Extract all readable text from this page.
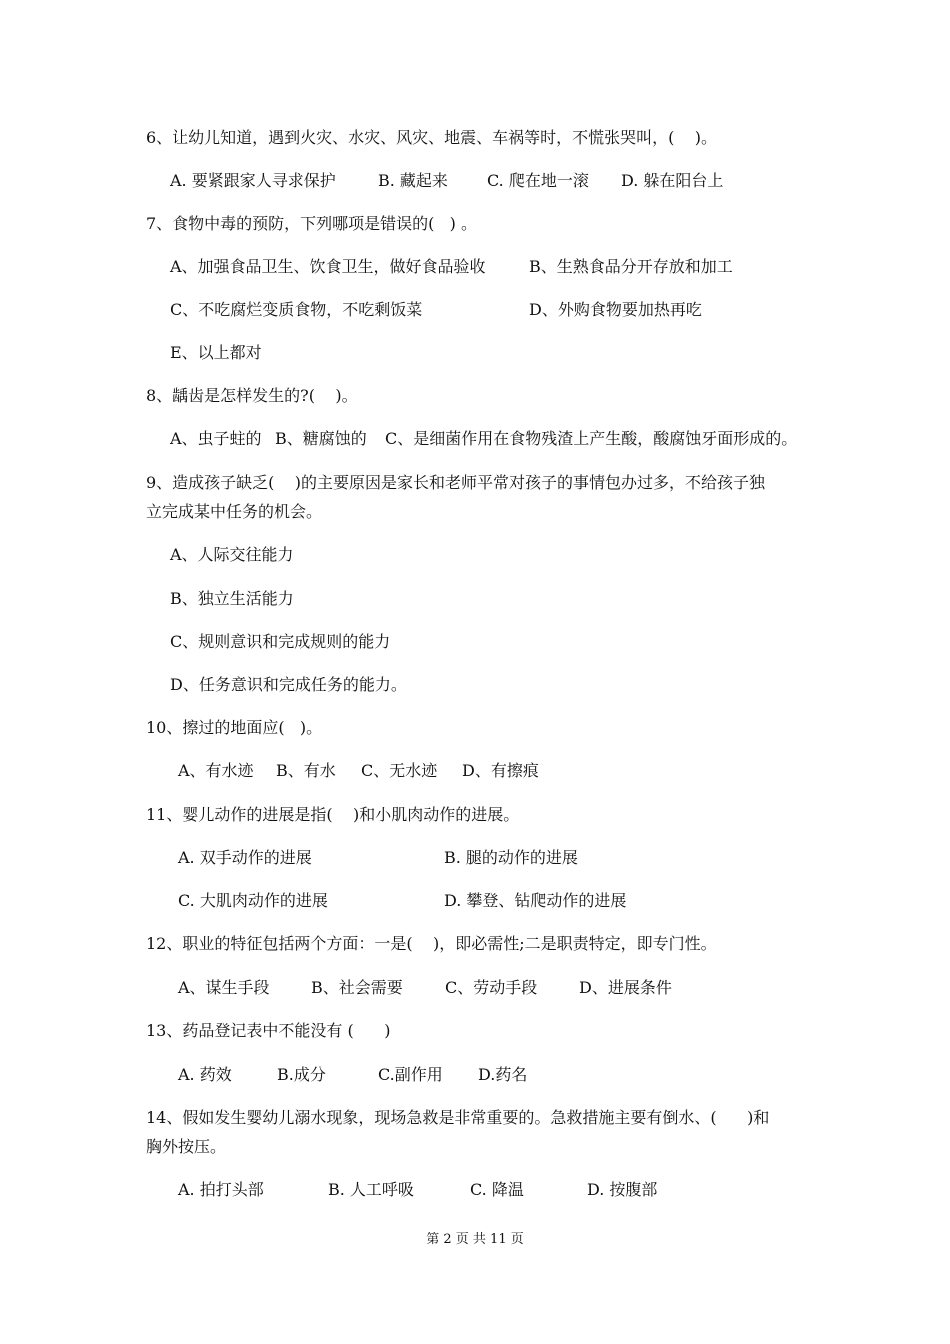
6、让幼儿知道，遇到火灾、水灾、风灾、地震、车祸等时，不慌张哭叫，(    )。

A. 要紧跟家人寻求保护	B. 藏起来 C. 爬在地一滚 D. 躲在阳台上

7、食物中毒的预防，下列哪项是错误的(   ) 。

A、加强食品卫生、饮食卫生，做好食品验收	B、生熟食品分开存放和加工

C、不吃腐烂变质食物，不吃剩饭菜	D、外购食物要加热再吃

E、以上都对

8、龋齿是怎样发生的?(    )。

A、虫子蛀的 B、糖腐蚀的 C、是细菌作用在食物残渣上产生酸，酸腐蚀牙面形成的。

9、造成孩子缺乏(    )的主要原因是家长和老师平常对孩子的事情包办过多，不给孩子独

立完成某中任务的机会。

A、人际交往能力

B、独立生活能力

C、规则意识和完成规则的能力

D、任务意识和完成任务的能力。

10、擦过的地面应(   )。

A、有水迹 B、有水 C、无水迹 D、有擦痕

11、婴儿动作的进展是指(    )和小肌肉动作的进展。

A. 双手动作的进展	B. 腿的动作的进展

C. 大肌肉动作的进展	D. 攀登、钻爬动作的进展

12、职业的特征包括两个方面：一是(    )，即必需性;二是职责特定，即专门性。

A、谋生手段	B、社会需要	C、劳动手段	D、进展条件

13、药品登记表中不能没有 (      )

A. 药效	B.成分	C.副作用 D.药名

14、假如发生婴幼儿溺水现象，现场急救是非常重要的。急救措施主要有倒水、(      )和

胸外按压。

A. 拍打头部	B. 人工呼吸	C. 降温	D. 按腹部

第 2 页 共 11 页
